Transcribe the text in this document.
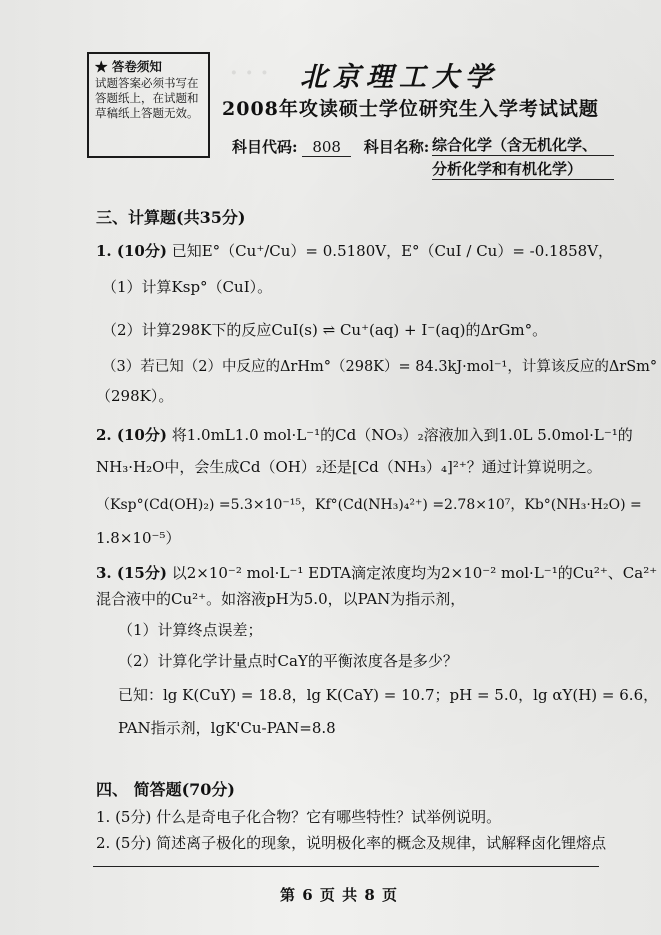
· · ·
★ 答卷须知
试题答案必须书写在答题纸上，在试题和草稿纸上答题无效。
北京理工大学
2008年攻读硕士学位研究生入学考试试题
科目代码: 808 科目名称: 综合化学（含无机化学、
分析化学和有机化学）
三、计算题(共35分)
1. (10分) 已知E°（Cu⁺/Cu）= 0.5180V，E°（CuI / Cu）= -0.1858V，
（1）计算Ksp°（CuI）。
（2）计算298K下的反应CuI(s) ⇌ Cu⁺(aq) + I⁻(aq)的ΔrGm°。
（3）若已知（2）中反应的ΔrHm°（298K）= 84.3kJ·mol⁻¹，计算该反应的ΔrSm°
（298K）。
2. (10分) 将1.0mL1.0 mol·L⁻¹的Cd（NO₃）₂溶液加入到1.0L 5.0mol·L⁻¹的
NH₃·H₂O中，会生成Cd（OH）₂还是[Cd（NH₃）₄]²⁺？通过计算说明之。
（Ksp°(Cd(OH)₂) =5.3×10⁻¹⁵，Kf°(Cd(NH₃)₄²⁺) =2.78×10⁷，Kb°(NH₃·H₂O) =
1.8×10⁻⁵）
3. (15分) 以2×10⁻² mol·L⁻¹ EDTA滴定浓度均为2×10⁻² mol·L⁻¹的Cu²⁺、Ca²⁺
混合液中的Cu²⁺。如溶液pH为5.0，以PAN为指示剂，
（1）计算终点误差；
（2）计算化学计量点时CaY的平衡浓度各是多少？
已知：lg K(CuY) = 18.8，lg K(CaY) = 10.7；pH = 5.0，lg αY(H) = 6.6，
PAN指示剂，lgK'Cu-PAN=8.8
四、 简答题(70分)
1. (5分) 什么是奇电子化合物？它有哪些特性？试举例说明。
2. (5分) 简述离子极化的现象，说明极化率的概念及规律，试解释卤化锂熔点
第 6 页 共 8 页
